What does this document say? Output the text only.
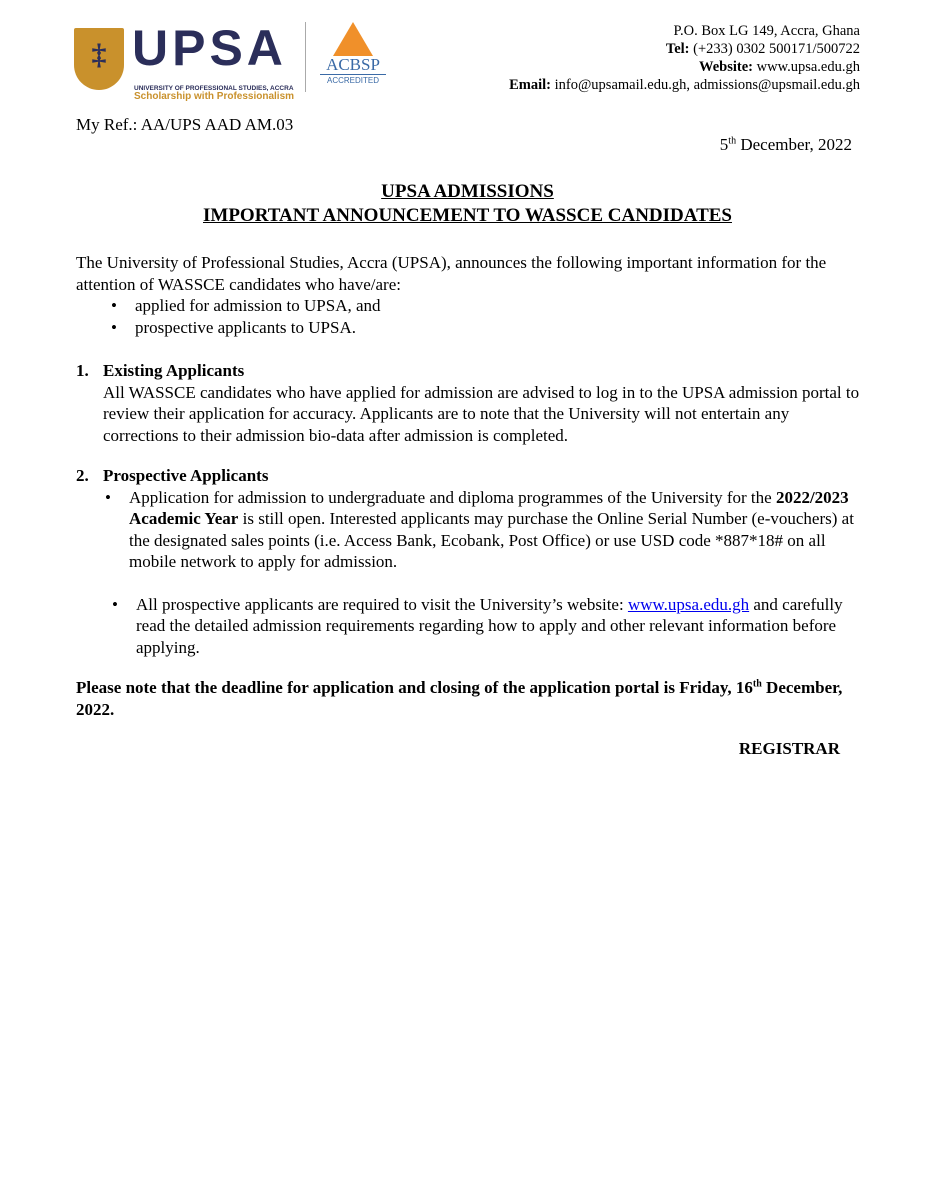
‡ UPSA
UNIVERSITY OF PROFESSIONAL STUDIES, ACCRA
Scholarship with Professionalism
ACBSP
ACCREDITED
P.O. Box LG 149, Accra, Ghana
Tel: (+233) 0302 500171/500722
Website: www.upsa.edu.gh
Email: info@upsamail.edu.gh, admissions@upsmail.edu.gh
My Ref.: AA/UPS AAD AM.03
5th December, 2022
UPSA ADMISSIONS
IMPORTANT ANNOUNCEMENT TO WASSCE CANDIDATES
The University of Professional Studies, Accra (UPSA), announces the following important information for the attention of WASSCE candidates who have/are:
• applied for admission to UPSA, and
• prospective applicants to UPSA.
1. Existing Applicants
All WASSCE candidates who have applied for admission are advised to log in to the UPSA admission portal to review their application for accuracy. Applicants are to note that the University will not entertain any corrections to their admission bio-data after admission is completed.
2. Prospective Applicants
• Application for admission to undergraduate and diploma programmes of the University for the 2022/2023 Academic Year is still open. Interested applicants may purchase the Online Serial Number (e-vouchers) at the designated sales points (i.e. Access Bank, Ecobank, Post Office) or use USD code *887*18# on all mobile network to apply for admission.
• All prospective applicants are required to visit the University’s website: www.upsa.edu.gh and carefully read the detailed admission requirements regarding how to apply and other relevant information before applying.
Please note that the deadline for application and closing of the application portal is Friday, 16th December, 2022.
REGISTRAR
